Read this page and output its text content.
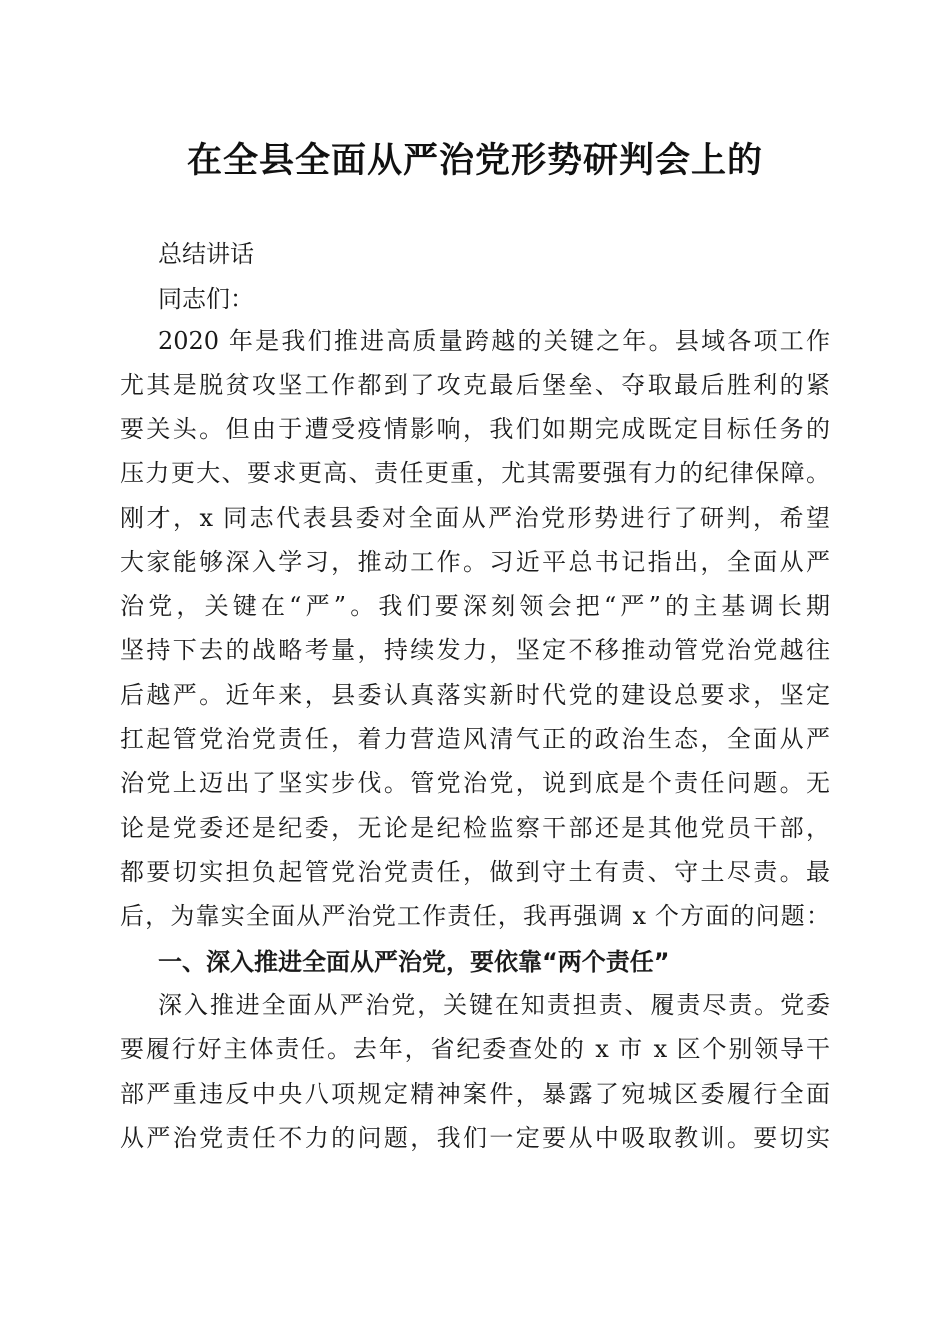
在全县全面从严治党形势研判会上的
总结讲话
同志们：
2020 年是我们推进高质量跨越的关键之年。县域各项工作
尤其是脱贫攻坚工作都到了攻克最后堡垒、夺取最后胜利的紧
要关头。但由于遭受疫情影响，我们如期完成既定目标任务的
压力更大、要求更高、责任更重，尤其需要强有力的纪律保障。
刚才，x 同志代表县委对全面从严治党形势进行了研判，希望
大家能够深入学习，推动工作。习近平总书记指出，全面从严
治党，关键在“严”。我们要深刻领会把“严”的主基调长期
坚持下去的战略考量，持续发力，坚定不移推动管党治党越往
后越严。近年来，县委认真落实新时代党的建设总要求，坚定
扛起管党治党责任，着力营造风清气正的政治生态，全面从严
治党上迈出了坚实步伐。管党治党，说到底是个责任问题。无
论是党委还是纪委，无论是纪检监察干部还是其他党员干部，
都要切实担负起管党治党责任，做到守土有责、守土尽责。最
后，为靠实全面从严治党工作责任，我再强调 x 个方面的问题：
一、深入推进全面从严治党，要依靠“两个责任”
深入推进全面从严治党，关键在知责担责、履责尽责。党委
要履行好主体责任。去年，省纪委查处的 x 市 x 区个别领导干
部严重违反中央八项规定精神案件，暴露了宛城区委履行全面
从严治党责任不力的问题，我们一定要从中吸取教训。要切实
